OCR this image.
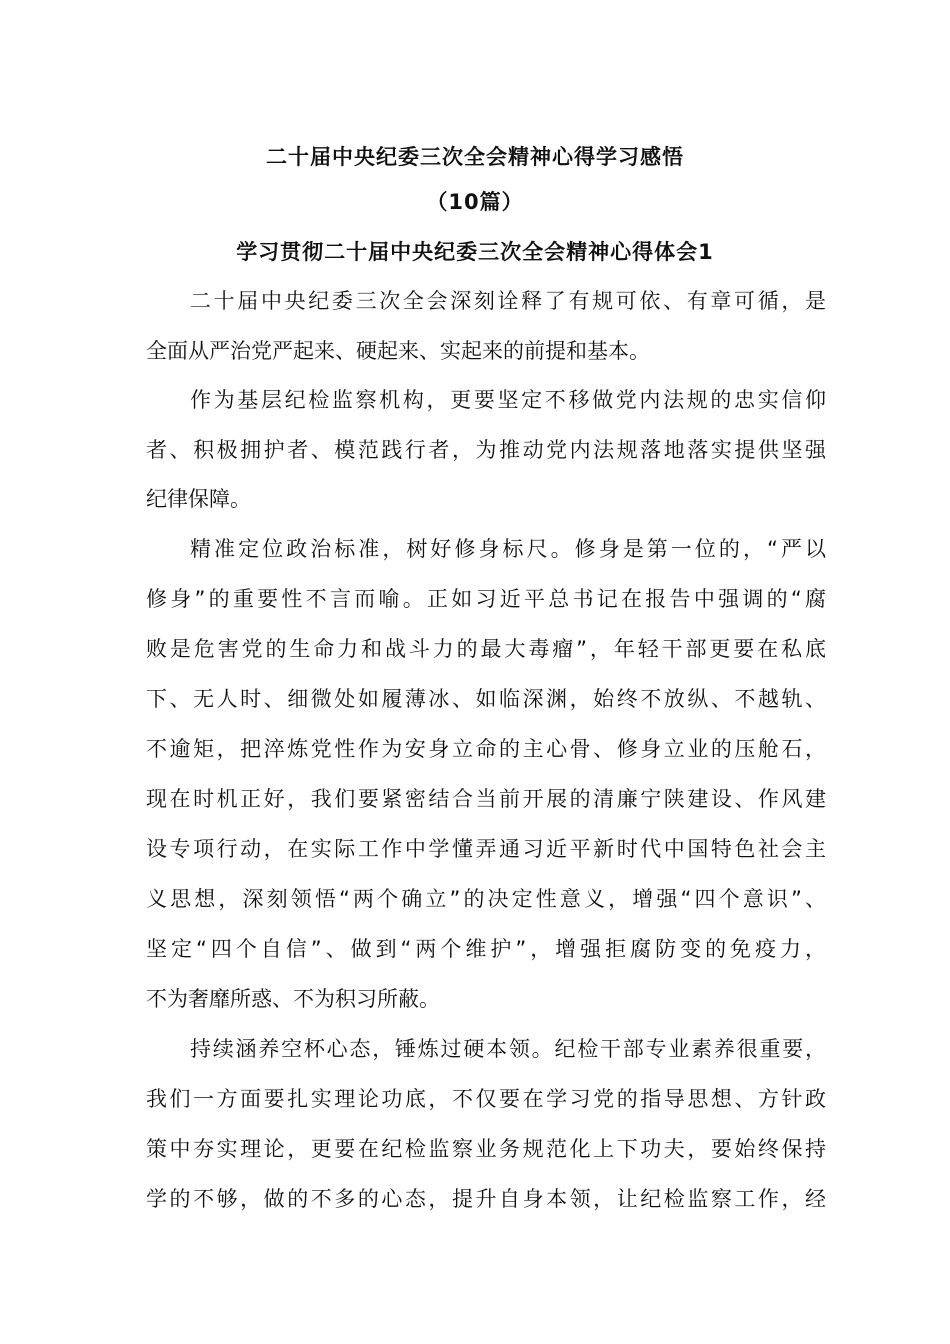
二十届中央纪委三次全会精神心得学习感悟
（10篇）
学习贯彻二十届中央纪委三次全会精神心得体会1
二十届中央纪委三次全会深刻诠释了有规可依、有章可循，是
全面从严治党严起来、硬起来、实起来的前提和基本。
作为基层纪检监察机构，更要坚定不移做党内法规的忠实信仰
者、积极拥护者、模范践行者，为推动党内法规落地落实提供坚强
纪律保障。
精准定位政治标准，树好修身标尺。修身是第一位的，“严以
修身”的重要性不言而喻。正如习近平总书记在报告中强调的“腐
败是危害党的生命力和战斗力的最大毒瘤”，年轻干部更要在私底
下、无人时、细微处如履薄冰、如临深渊，始终不放纵、不越轨、
不逾矩，把淬炼党性作为安身立命的主心骨、修身立业的压舱石，
现在时机正好，我们要紧密结合当前开展的清廉宁陕建设、作风建
设专项行动，在实际工作中学懂弄通习近平新时代中国特色社会主
义思想，深刻领悟“两个确立”的决定性意义，增强“四个意识”、
坚定“四个自信”、做到“两个维护”，增强拒腐防变的免疫力，
不为奢靡所惑、不为积习所蔽。
持续涵养空杯心态，锤炼过硬本领。纪检干部专业素养很重要，
我们一方面要扎实理论功底，不仅要在学习党的指导思想、方针政
策中夯实理论，更要在纪检监察业务规范化上下功夫，要始终保持
学的不够，做的不多的心态，提升自身本领，让纪检监察工作，经
